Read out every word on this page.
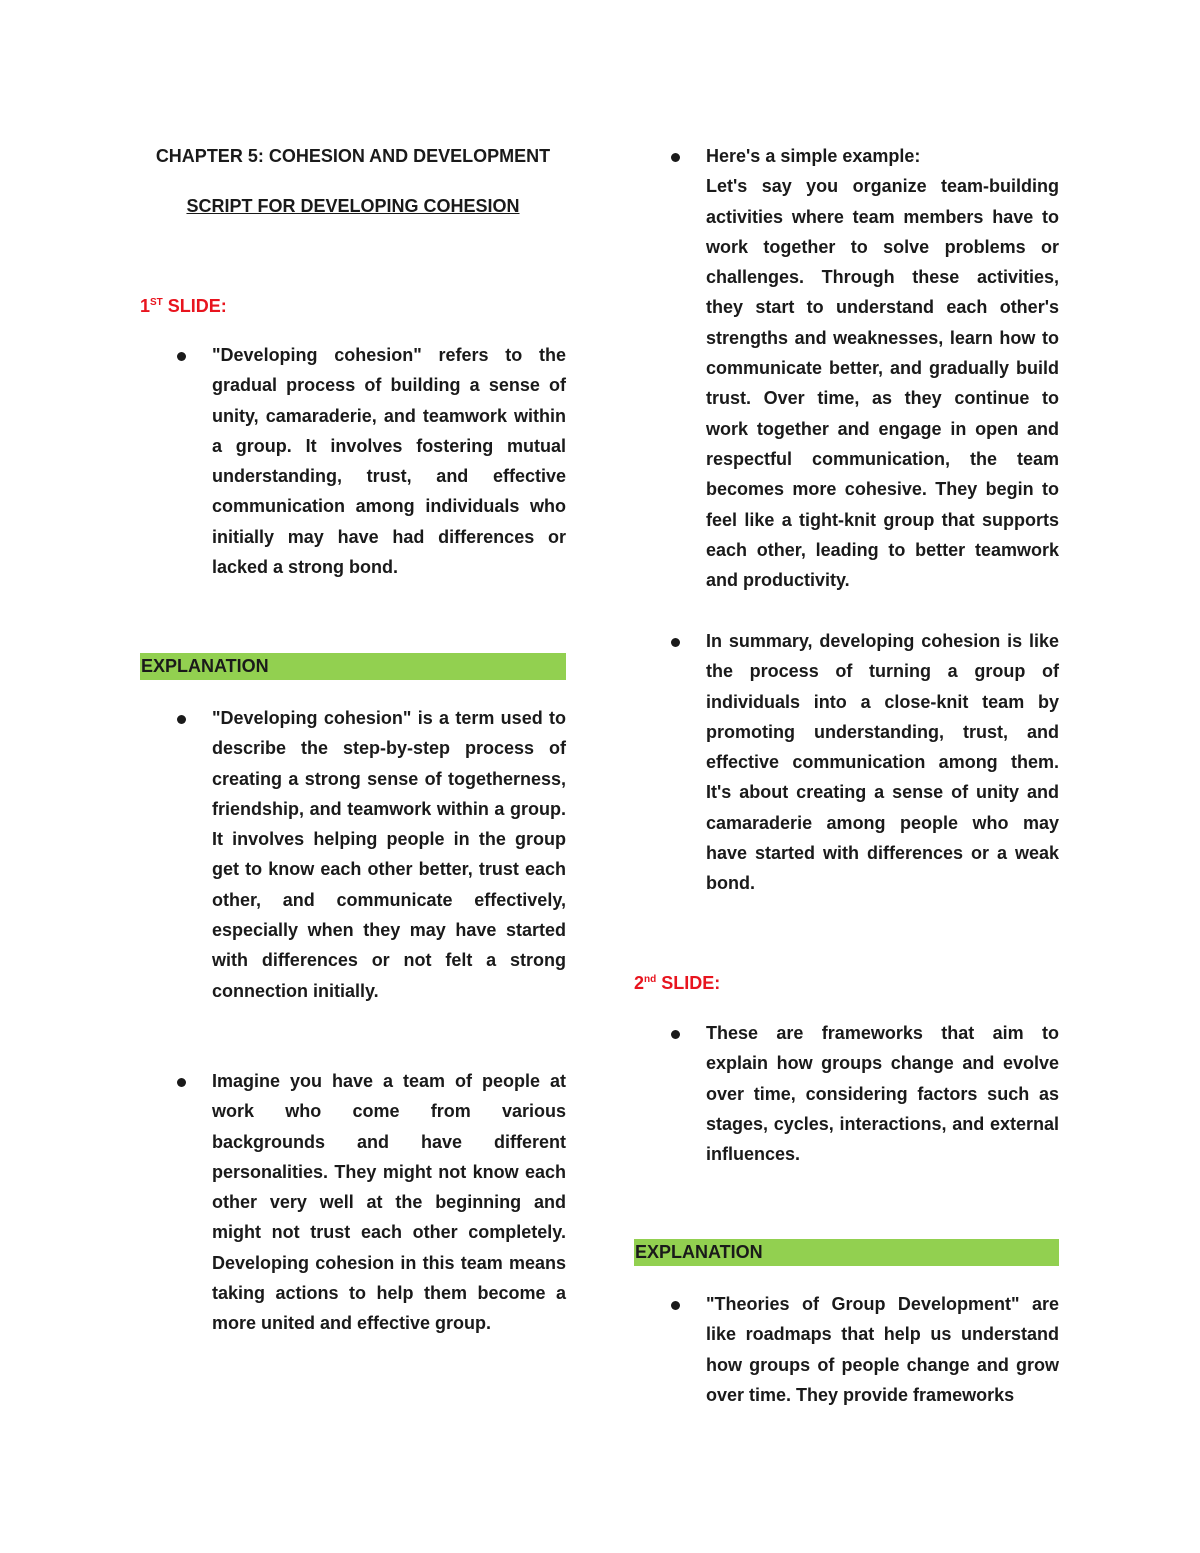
CHAPTER 5: COHESION AND DEVELOPMENT
SCRIPT FOR DEVELOPING COHESION
1ST SLIDE:
"Developing cohesion" refers to the gradual process of building a sense of unity, camaraderie, and teamwork within a group. It involves fostering mutual understanding, trust, and effective communication among individuals who initially may have had differences or lacked a strong bond.
EXPLANATION
"Developing cohesion" is a term used to describe the step-by-step process of creating a strong sense of togetherness, friendship, and teamwork within a group. It involves helping people in the group get to know each other better, trust each other, and communicate effectively, especially when they may have started with differences or not felt a strong connection initially.
Imagine you have a team of people at work who come from various backgrounds and have different personalities. They might not know each other very well at the beginning and might not trust each other completely. Developing cohesion in this team means taking actions to help them become a more united and effective group.
Here's a simple example:
Let's say you organize team-building activities where team members have to work together to solve problems or challenges. Through these activities, they start to understand each other's strengths and weaknesses, learn how to communicate better, and gradually build trust. Over time, as they continue to work together and engage in open and respectful communication, the team becomes more cohesive. They begin to feel like a tight-knit group that supports each other, leading to better teamwork and productivity.
In summary, developing cohesion is like the process of turning a group of individuals into a close-knit team by promoting understanding, trust, and effective communication among them. It's about creating a sense of unity and camaraderie among people who may have started with differences or a weak bond.
2nd SLIDE:
These are frameworks that aim to explain how groups change and evolve over time, considering factors such as stages, cycles, interactions, and external influences.
EXPLANATION
"Theories of Group Development" are like roadmaps that help us understand how groups of people change and grow over time. They provide frameworks
